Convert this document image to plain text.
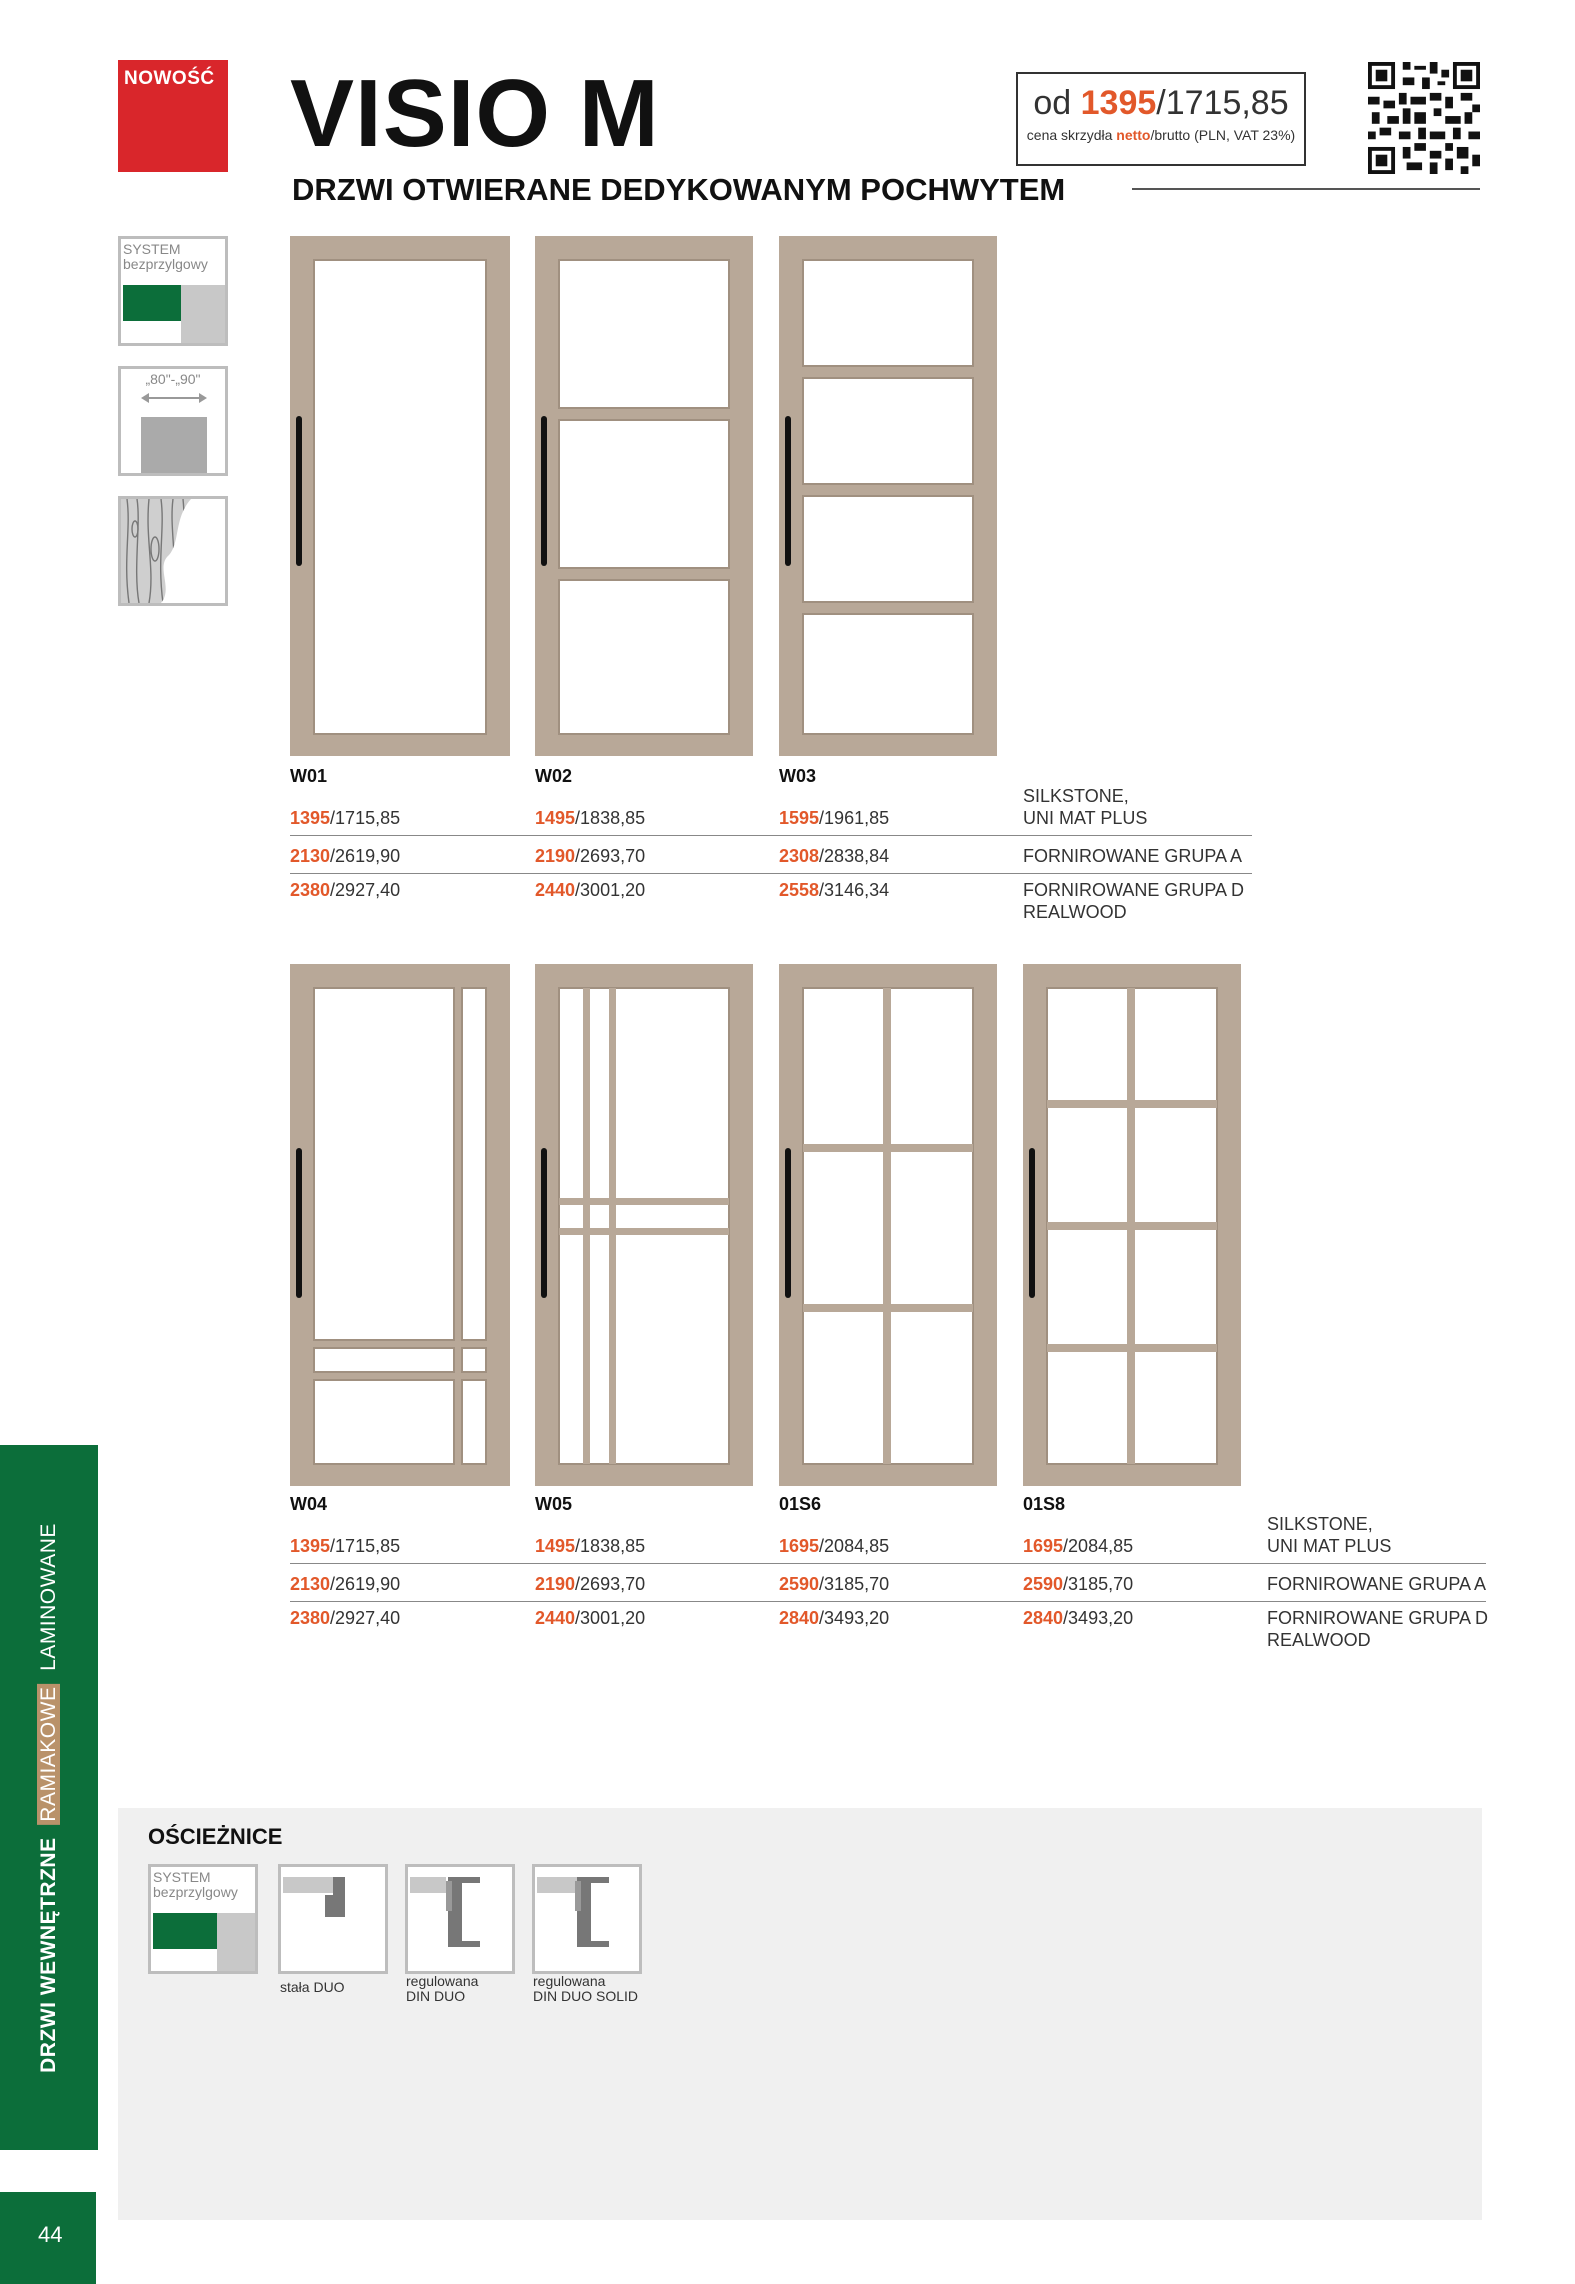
NOWOŚĆ VISIO M
DRZWI OTWIERANE DEDYKOWANYM POCHWYTEM
od 1395/1715,85
cena skrzydła netto/brutto (PLN, VAT 23%)
SYSTEM bezprzylgowy
„80"-„90"
W01	W02	W03
1395/1715,85	1495/1838,85	1595/1961,85
SILKSTONE,
UNI MAT PLUS
2130/2619,90	2190/2693,70	2308/2838,84	FORNIROWANE GRUPA A
2380/2927,40	2440/3001,20	2558/3146,34	FORNIROWANE GRUPA D
REALWOOD
W04	W05	01S6	01S8
1395/1715,85	1495/1838,85	1695/2084,85	1695/2084,85
SILKSTONE,
UNI MAT PLUS
2130/2619,90	2190/2693,70	2590/3185,70	2590/3185,70	FORNIROWANE GRUPA A
2380/2927,40	2440/3001,20	2840/3493,20	2840/3493,20	FORNIROWANE GRUPA D
REALWOOD
OŚCIEŻNICE
SYSTEM bezprzylgowy
stała DUO	regulowana
DIN DUO
regulowana
DIN DUO SOLID
DRZWI WEWNĘTRZNE  RAMIAKOWE  LAMINOWANE
44
